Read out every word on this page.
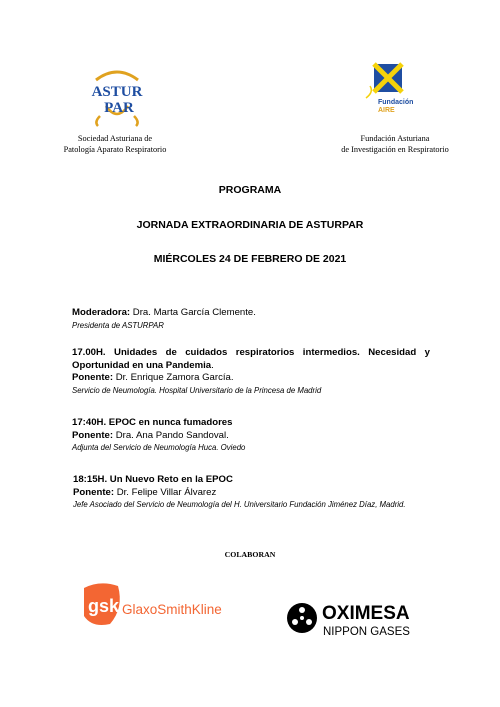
ASTUR
PAR
Sociedad Asturiana de
Patología Aparato Respiratorio
Fundación
AIRE
Fundación Asturiana
de Investigación en Respiratorio
PROGRAMA
JORNADA EXTRAORDINARIA DE ASTURPAR
MIÉRCOLES 24 DE FEBRERO DE 2021
Moderadora: Dra. Marta García Clemente.
Presidenta de ASTURPAR
17.00H. Unidades de cuidados respiratorios intermedios. Necesidad y Oportunidad en una Pandemia.
Ponente: Dr. Enrique Zamora García.
Servicio de Neumología. Hospital Universitario de la Princesa de Madrid
17:40H. EPOC en nunca fumadores
Ponente: Dra. Ana Pando Sandoval.
Adjunta del Servicio de Neumología Huca. Oviedo
18:15H. Un Nuevo Reto en la EPOC
Ponente: Dr. Felipe Villar Álvarez
Jefe Asociado del Servicio de Neumología del H. Universitario Fundación Jiménez Díaz, Madrid.
COLABORAN
gsk GlaxoSmithKline	OXIMESA
NIPPON GASES
